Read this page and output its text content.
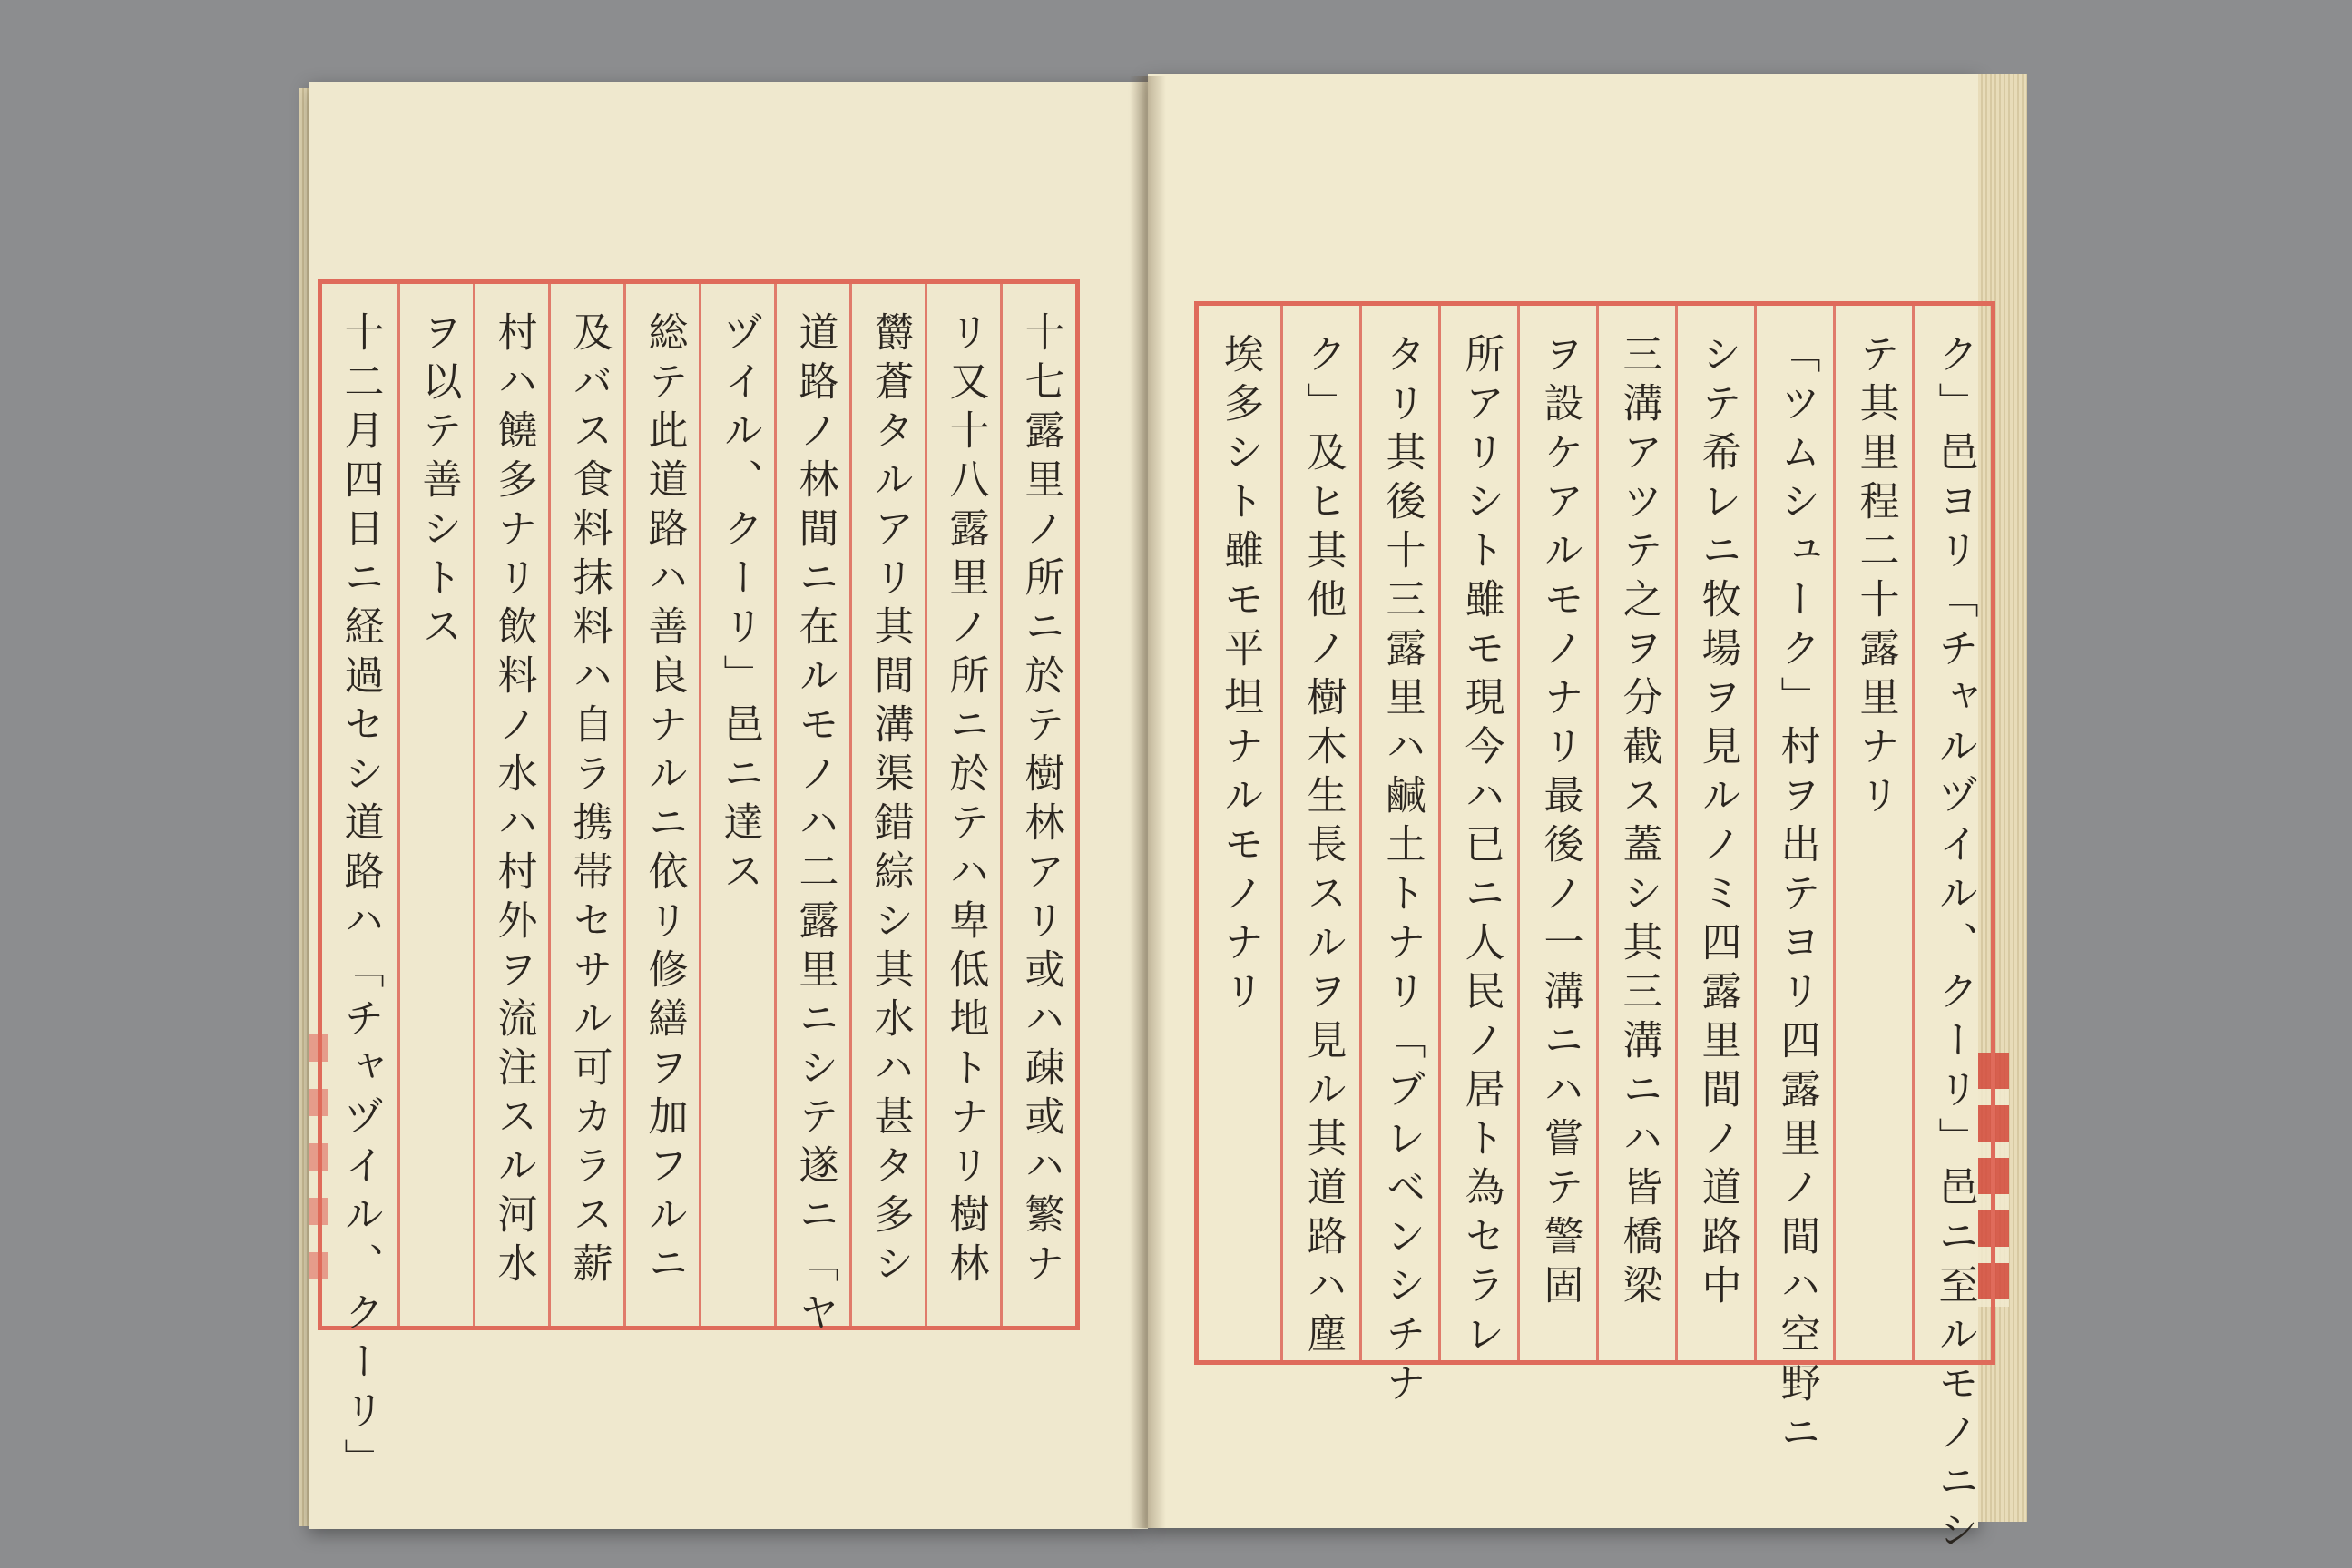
十七露里ノ所ニ於テ樹林アリ或ハ疎或ハ繁ナ
リ又十八露里ノ所ニ於テハ卑低地トナリ樹林
欝蒼タルアリ其間溝渠錯綜シ其水ハ甚タ多シ
道路ノ林間ニ在ルモノハ二露里ニシテ遂ニ「ヤ
ヅイル、クーリ」邑ニ達ス
総テ此道路ハ善良ナルニ依リ修繕ヲ加フルニ
及バス食料抹料ハ自ラ携帯セサル可カラス薪
村ハ饒多ナリ飲料ノ水ハ村外ヲ流注スル河水
ヲ以テ善シトス
十二月四日ニ経過セシ道路ハ「チャヅイル、クーリ」	ク」邑ヨリ「チャルヅイル、クーリ」邑ニ至ルモノニシ
テ其里程二十露里ナリ
「ツムシューク」村ヲ出テヨリ四露里ノ間ハ空野ニ
シテ希レニ牧場ヲ見ルノミ四露里間ノ道路中
三溝アツテ之ヲ分截ス蓋シ其三溝ニハ皆橋梁
ヲ設ケアルモノナリ最後ノ一溝ニハ嘗テ警固
所アリシト雖モ現今ハ已ニ人民ノ居ト為セラレ
タリ其後十三露里ハ鹹土トナリ「ブレベンシチナ
ク」及ヒ其他ノ樹木生長スルヲ見ル其道路ハ塵
埃多シト雖モ平坦ナルモノナリ
